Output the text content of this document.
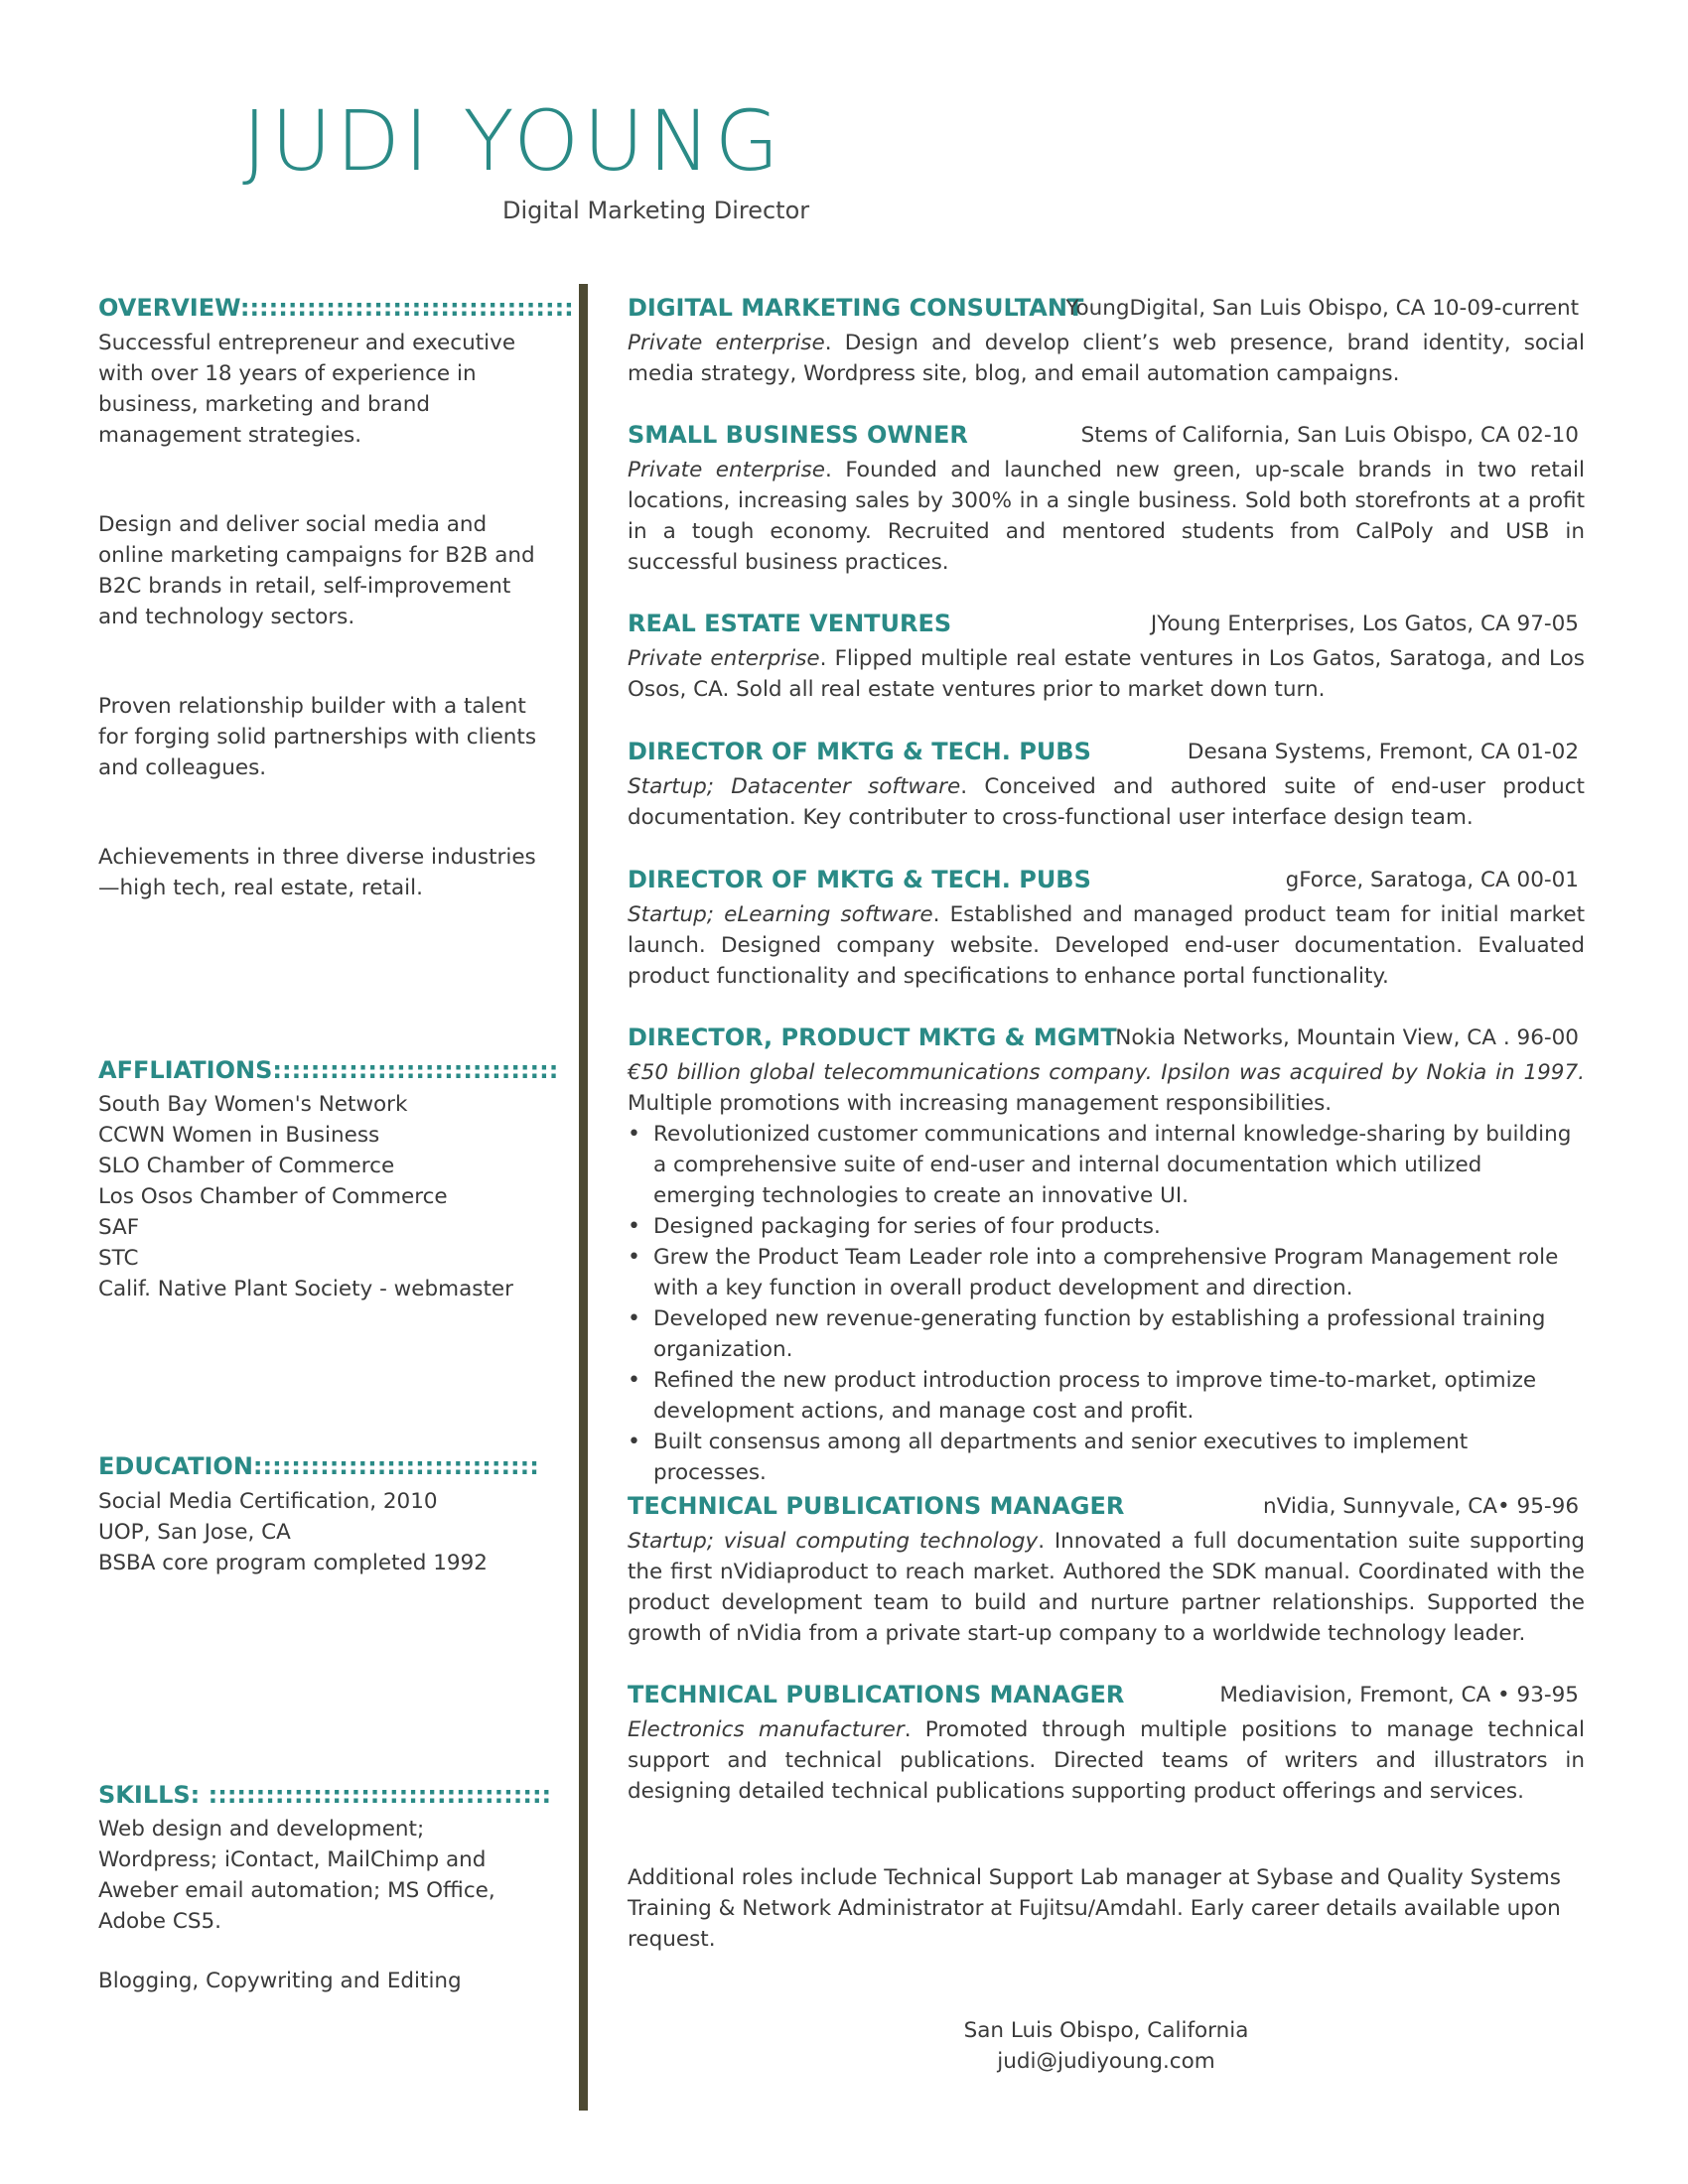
JUDI YOUNG
Digital Marketing Director
OVERVIEW:::::::::::::::::::::::::::::::::::

Successful entrepreneur and executive with over 18 years of experience in business, marketing and brand management strategies.

Design and deliver social media and online marketing campaigns for B2B and B2C brands in retail, self-improvement and technology sectors.

Proven relationship builder with a talent for forging solid partnerships with clients and colleagues.

Achievements in three diverse industries—high tech, real estate, retail.

AFFLIATIONS::::::::::::::::::::::::::::::
South Bay Women's Network
CCWN Women in Business
SLO Chamber of Commerce
Los Osos Chamber of Commerce
SAF
STC
Calif. Native Plant Society - webmaster
EDUCATION::::::::::::::::::::::::::::::
Social Media Certification, 2010
UOP, San Jose, CA
BSBA core program completed 1992
SKILLS: ::::::::::::::::::::::::::::::::::::

Web design and development; Wordpress; iContact, MailChimp and Aweber email automation; MS Office, Adobe CS5.

Blogging, Copywriting and Editing

DIGITAL MARKETING CONSULTANT
YoungDigital, San Luis Obispo, CA 10-09-current

Private enterprise. Design and develop client’s web presence, brand identity, social media strategy, Wordpress site, blog, and email automation campaigns.

SMALL BUSINESS OWNER	Stems of California, San Luis Obispo, CA 02-10

Private enterprise. Founded and launched new green, up-scale brands in two retail locations, increasing sales by 300% in a single business. Sold both storefronts at a profit in a tough economy. Recruited and mentored students from CalPoly and USB in successful business practices.

REAL ESTATE VENTURES	JYoung Enterprises, Los Gatos, CA 97-05

Private enterprise. Flipped multiple real estate ventures in Los Gatos, Saratoga, and Los Osos, CA. Sold all real estate ventures prior to market down turn.

DIRECTOR OF MKTG & TECH. PUBS	Desana Systems, Fremont, CA 01-02

Startup; Datacenter software. Conceived and authored suite of end-user product documentation. Key contributer to cross-functional user interface design team.

DIRECTOR OF MKTG & TECH. PUBS	gForce, Saratoga, CA 00-01

Startup; eLearning software. Established and managed product team for initial market launch. Designed company website. Developed end-user documentation. Evaluated product functionality and specifications to enhance portal functionality.

DIRECTOR, PRODUCT MKTG & MGMT
Nokia Networks, Mountain View, CA . 96-00

€50 billion global telecommunications company. Ipsilon was acquired by Nokia in 1997. Multiple promotions with increasing management responsibilities.

• Revolutionized customer communications and internal knowledge-sharing by building a comprehensive suite of end-user and internal documentation which utilized emerging technologies to create an innovative UI.
• Designed packaging for series of four products.
• Grew the Product Team Leader role into a comprehensive Program Management role with a key function in overall product development and direction.
• Developed new revenue-generating function by establishing a professional training organization.
• Refined the new product introduction process to improve time-to-market, optimize development actions, and manage cost and profit.
• Built consensus among all departments and senior executives to implement processes.
TECHNICAL PUBLICATIONS MANAGER	nVidia, Sunnyvale, CA• 95-96

Startup; visual computing technology. Innovated a full documentation suite supporting the first nVidiaproduct to reach market. Authored the SDK manual. Coordinated with the product development team to build and nurture partner relationships. Supported the growth of nVidia from a private start-up company to a worldwide technology leader.

TECHNICAL PUBLICATIONS MANAGER	Mediavision, Fremont, CA • 93-95

Electronics manufacturer. Promoted through multiple positions to manage technical support and technical publications. Directed teams of writers and illustrators in designing detailed technical publications supporting product offerings and services.

Additional roles include Technical Support Lab manager at Sybase and Quality Systems Training & Network Administrator at Fujitsu/Amdahl. Early career details available upon request.

San Luis Obispo, California
judi@judiyoung.com
